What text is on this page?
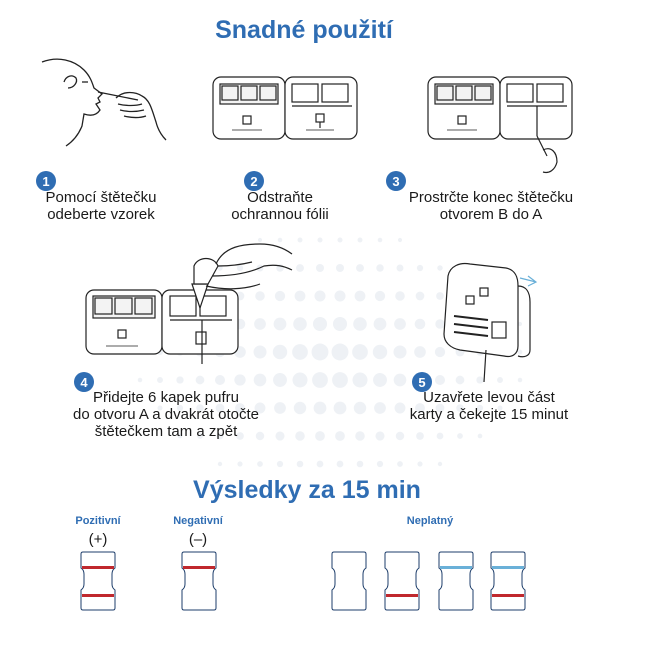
Snadné použití
1
Pomocí štětečku
odeberte vzorek
2
Odstraňte
ochrannou fólii
3
Prostrčte konec štětečku
otvorem B do A
4
Přidejte 6 kapek pufru
do otvoru A a dvakrát otočte
štětečkem tam a zpět
5
Uzavřete levou část
karty a čekejte 15 minut
Výsledky za 15 min
Pozitivní
(+)
Negativní
(–)
Neplatný
